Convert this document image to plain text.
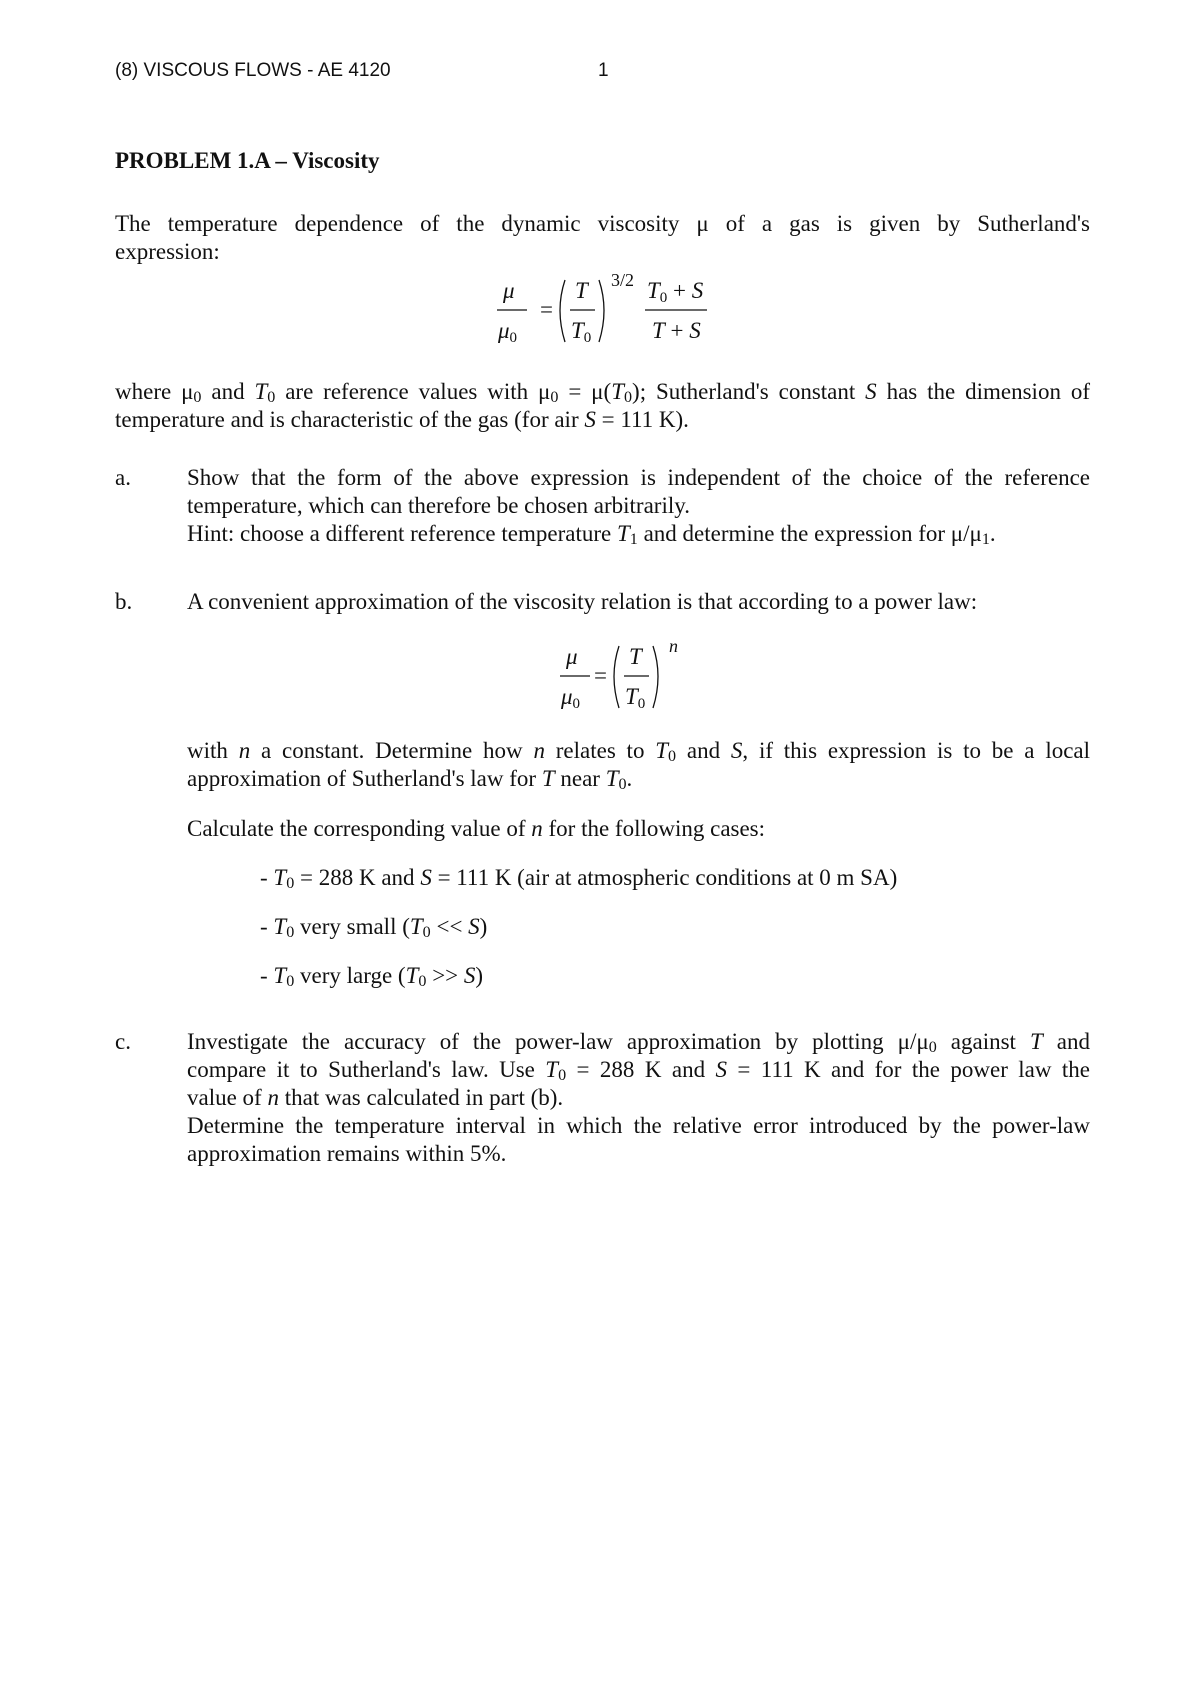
(8) VISCOUS FLOWS - AE 4120	1
PROBLEM 1.A – Viscosity
The temperature dependence of the dynamic viscosity μ of a gas is given by Sutherland's
expression:
μ
μ0
=
T
T0
3/2 T0 + S
T + S
where $\mu_0$ and $T_0$ are reference values with $\mu_0 = \mu(T_0)$; Sutherland's constant S has the dimension of
temperature and is characteristic of the gas (for air S = 111 K).
a. Show that the form of the above expression is independent of the choice of the reference
temperature, which can therefore be chosen arbitrarily.
Hint: choose a different reference temperature $T_1$ and determine the expression for $\mu/\mu_1$.
b. A convenient approximation of the viscosity relation is that according to a power law:
μ
μ0
=
T
T0
n
with n a constant. Determine how n relates to $T_0$ and S, if this expression is to be a local
approximation of Sutherland's law for T near $T_0$.
Calculate the corresponding value of n for the following cases:
- $T_0 = 288$ K and S = 111 K (air at atmospheric conditions at 0 m SA)
- $T_0$ very small $(T_0 << S)$
- $T_0$ very large $(T_0 >> S)$
c. Investigate the accuracy of the power-law approximation by plotting $\mu/\mu_0$ against T and
compare it to Sutherland's law. Use $T_0 = 288$ K and S = 111 K and for the power law the
value of n that was calculated in part (b).
Determine the temperature interval in which the relative error introduced by the power-law
approximation remains within 5%.
